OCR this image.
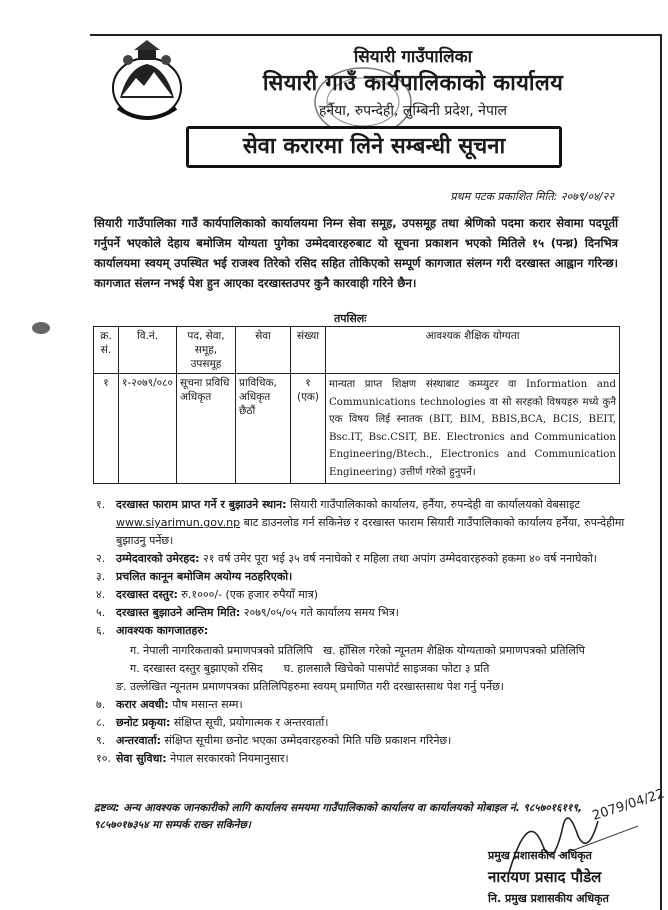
सियारी गाउँपालिका
सियारी गाउँ कार्यपालिकाको कार्यालय
हर्नैया, रुपन्देही, लुम्बिनी प्रदेश, नेपाल
सेवा करारमा लिने सम्बन्धी सूचना
प्रथम पटक प्रकाशित मिति: २०७९/०४/२२
सियारी गाउँपालिका गाउँ कार्यपालिकाको कार्यालयमा निम्न सेवा समूह, उपसमूह तथा श्रेणिको पदमा करार सेवामा पदपूर्ती गर्नुपर्ने भएकोले देहाय बमोजिम योग्यता पुगेका उम्मेदवारहरुबाट यो सूचना प्रकाशन भएको मितिले १५ (पन्ध्र) दिनभित्र कार्यालयमा स्वयम् उपस्थित भई राजश्व तिरेको रसिद सहित तोकिएको सम्पूर्ण कागजात संलग्न गरी दरखास्त आह्वान गरिन्छ। कागजात संलग्न नभई पेश हुन आएका दरखास्तउपर कुनै कारवाही गरिने छैन।
तपसिलः
क्र. सं.	वि.नं.	पद, सेवा, समूह, उपसमूह	सेवा	संख्या	आवश्यक शैक्षिक योग्यता
१	१-२०७९/०८०	सूचना प्रविधि अधिकृत	प्राविधिक, अधिकृत छैठौं	१ (एक)	मान्यता प्राप्त शिक्षण संस्थाबाट कम्प्युटर वा Information and Communications technologies वा सो सरहको विषयहरु मध्ये कुनै एक विषय लिई स्नातक (BIT, BIM, BBIS,BCA, BCIS, BEIT, Bsc.IT, Bsc.CSIT, BE. Electronics and Communication Engineering/Btech., Electronics and Communication Engineering) उत्तीर्ण गरेको हुनुपर्ने।
१. दरखास्त फाराम प्राप्त गर्ने र बुझाउने स्थान: सियारी गाउँपालिकाको कार्यालय, हर्नैया, रुपन्देही वा कार्यालयको वेबसाइट
www.siyarimun.gov.np बाट डाउनलोड गर्न सकिनेछ र दरखास्त फाराम सियारी गाउँपालिकाको कार्यालय हर्नैया, रुपन्देहीमा बुझाउनु पर्नेछ।
२. उम्मेदवारको उमेरहद: २१ वर्ष उमेर पूरा भई ३५ वर्ष ननाघेको र महिला तथा अपांग उम्मेदवारहरुको हकमा ४० वर्ष ननाघेको।
३. प्रचलित कानून बमोजिम अयोग्य नठहरिएको।
४. दरखास्त दस्तुर: रु.१०००/- (एक हजार रुपैयाँ मात्र)
५. दरखास्त बुझाउने अन्तिम मिति: २०७९/०५/०५ गते कार्यालय समय भित्र।
६. आवश्यक कागजातहरु:
ग. नेपाली नागरिकताको प्रमाणपत्रको प्रतिलिपि ख. हाँसिल गरेको न्यूनतम शैक्षिक योग्यताको प्रमाणपत्रको प्रतिलिपि
ग. दरखास्त दस्तुर बुझाएको रसिद घ. हालसालै खिचेको पासपोर्ट साइजका फोटा ३ प्रति
ङ. उल्लेखित न्यूनतम प्रमाणपत्रका प्रतिलिपिहरुमा स्वयम् प्रमाणित गरी दरखास्तसाथ पेश गर्नु पर्नेछ।
७. करार अवधी: पौष मसान्त सम्म।
८. छनोट प्रकृया: संक्षिप्त सूची, प्रयोगात्मक र अन्तरवार्ता।
९. अन्तरवार्ता: संक्षिप्त सूचीमा छनोट भएका उम्मेदवारहरुको मिति पछि प्रकाशन गरिनेछ।
१०. सेवा सुविधा: नेपाल सरकारको नियमानुसार।
द्रष्टव्य: अन्य आवश्यक जानकारीको लागि कार्यालय समयमा गाउँपालिकाको कार्यालय वा कार्यालयको मोबाइल नं. ९८५७०१६११९, ९८५७०१७३५४ मा सम्पर्क राख्न सकिनेछ।
2079/04/22
प्रमुख प्रशासकीय अधिकृत
नारायण प्रसाद पौडेल
नि. प्रमुख प्रशासकीय अधिकृत
